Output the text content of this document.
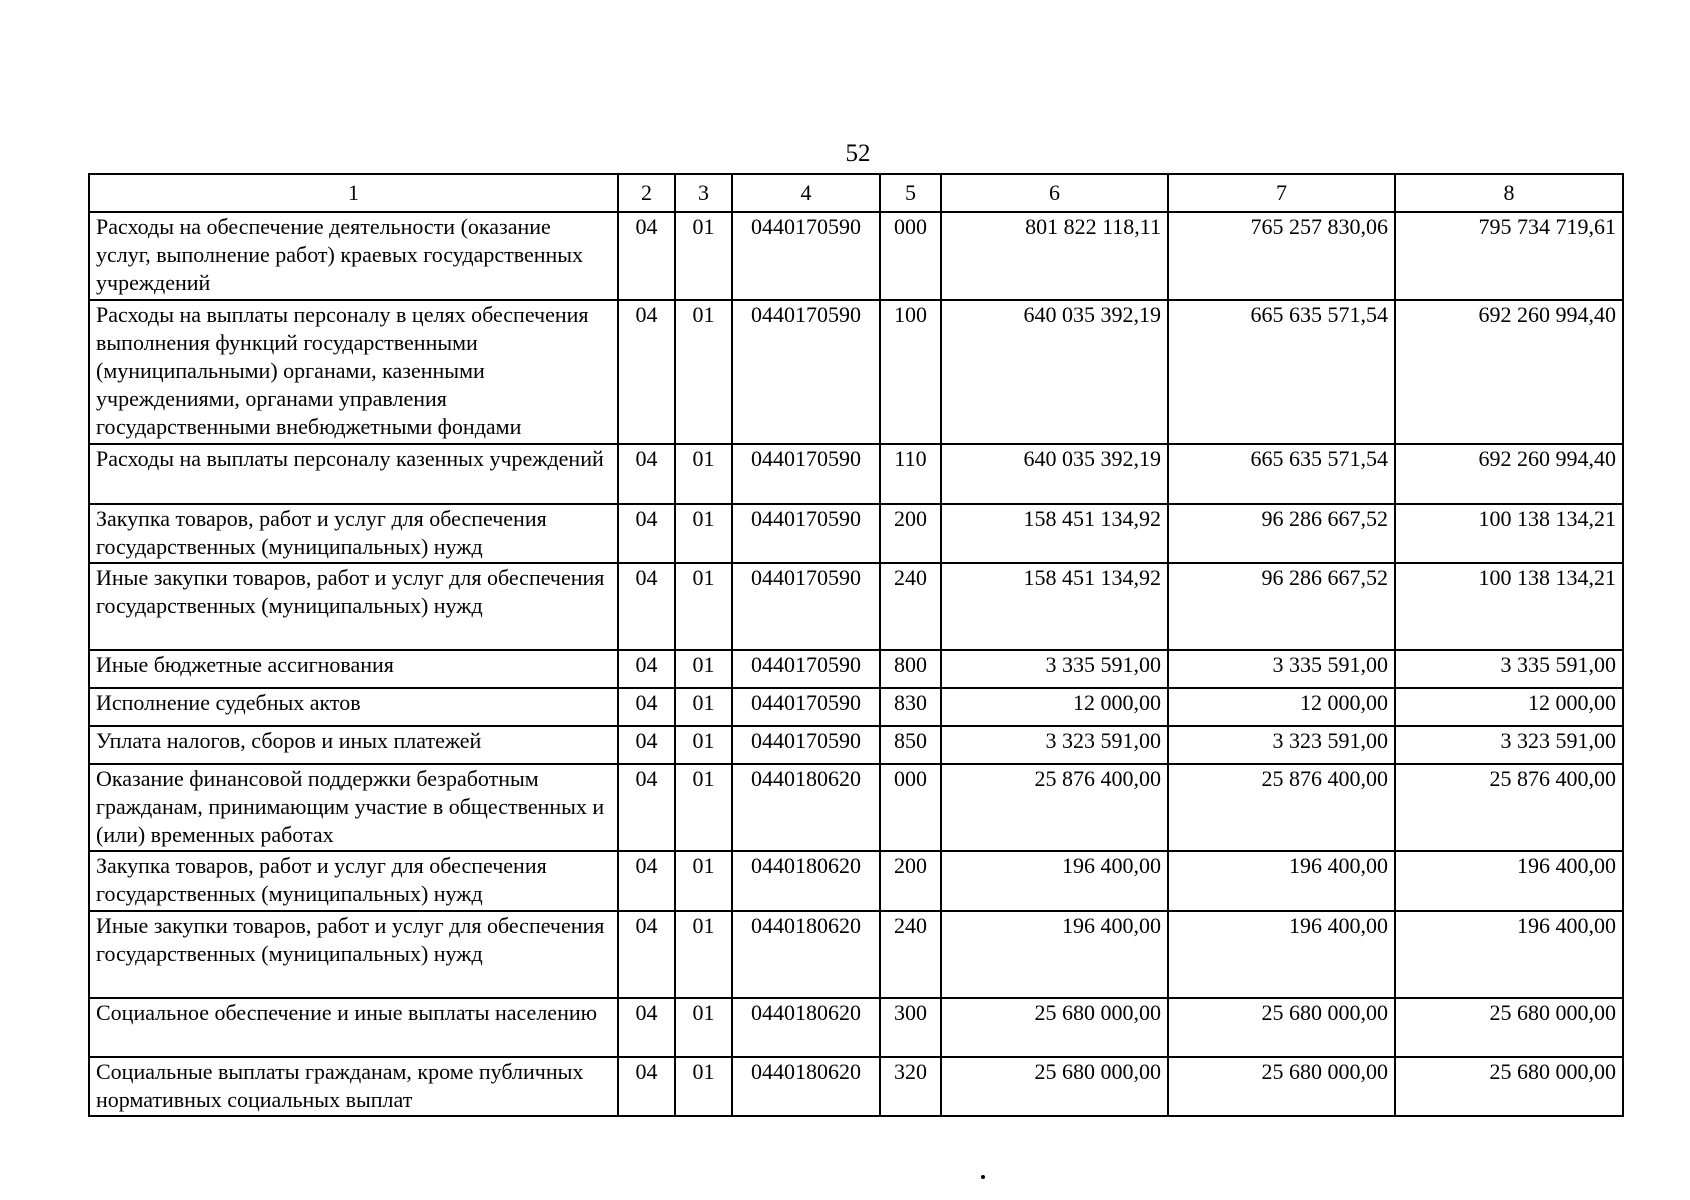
52
1	2	3	4	5	6	7	8
Расходы на обеспечение деятельности (оказание услуг, выполнение работ) краевых государственных учреждений	04	01	0440170590	000	801 822 118,11	765 257 830,06	795 734 719,61
Расходы на выплаты персоналу в целях обеспечения выполнения функций государственными (муниципальными) органами, казенными учреждениями, органами управления государственными внебюджетными фондами	04	01	0440170590	100	640 035 392,19	665 635 571,54	692 260 994,40
Расходы на выплаты персоналу казенных учреждений	04	01	0440170590	110	640 035 392,19	665 635 571,54	692 260 994,40
Закупка товаров, работ и услуг для обеспечения государственных (муниципальных) нужд	04	01	0440170590	200	158 451 134,92	96 286 667,52	100 138 134,21
Иные закупки товаров, работ и услуг для обеспечения государственных (муниципальных) нужд	04	01	0440170590	240	158 451 134,92	96 286 667,52	100 138 134,21
Иные бюджетные ассигнования	04	01	0440170590	800	3 335 591,00	3 335 591,00	3 335 591,00
Исполнение судебных актов	04	01	0440170590	830	12 000,00	12 000,00	12 000,00
Уплата налогов, сборов и иных платежей	04	01	0440170590	850	3 323 591,00	3 323 591,00	3 323 591,00
Оказание финансовой поддержки безработным гражданам, принимающим участие в общественных и (или) временных работах	04	01	0440180620	000	25 876 400,00	25 876 400,00	25 876 400,00
Закупка товаров, работ и услуг для обеспечения государственных (муниципальных) нужд	04	01	0440180620	200	196 400,00	196 400,00	196 400,00
Иные закупки товаров, работ и услуг для обеспечения государственных (муниципальных) нужд	04	01	0440180620	240	196 400,00	196 400,00	196 400,00
Социальное обеспечение и иные выплаты населению	04	01	0440180620	300	25 680 000,00	25 680 000,00	25 680 000,00
Социальные выплаты гражданам, кроме публичных нормативных социальных выплат	04	01	0440180620	320	25 680 000,00	25 680 000,00	25 680 000,00
